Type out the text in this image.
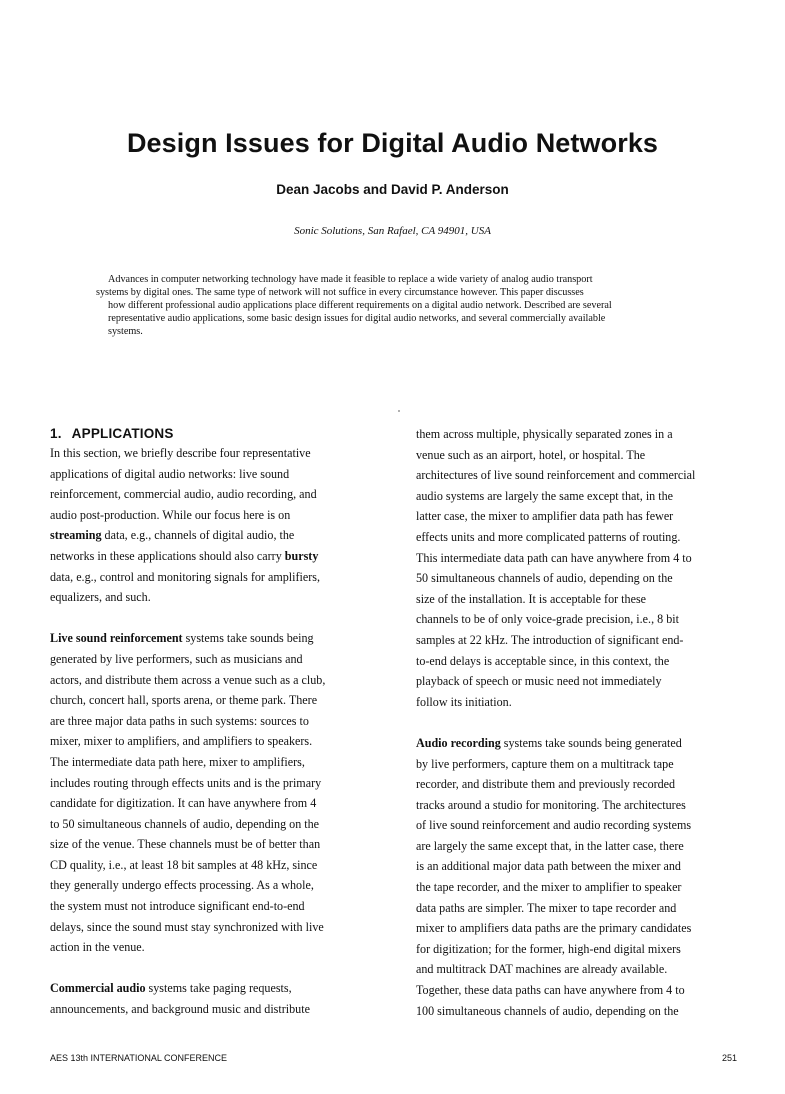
Design Issues for Digital Audio Networks
Dean Jacobs and David P. Anderson
Sonic Solutions, San Rafael, CA 94901, USA

Advances in computer networking technology have made it feasible to replace a wide variety of analog audio transport
systems by digital ones. The same type of network will not suffice in every circumstance however. This paper discusses
how different professional audio applications place different requirements on a digital audio network. Described are several
representative audio applications, some basic design issues for digital audio networks, and several commercially available
systems.

1. APPLICATIONS

In this section, we briefly describe four representative
applications of digital audio networks: live sound
reinforcement, commercial audio, audio recording, and
audio post-production. While our focus here is on
streaming data, e.g., channels of digital audio, the
networks in these applications should also carry bursty
data, e.g., control and monitoring signals for amplifiers,
equalizers, and such.

Live sound reinforcement systems take sounds being
generated by live performers, such as musicians and
actors, and distribute them across a venue such as a club,
church, concert hall, sports arena, or theme park. There
are three major data paths in such systems: sources to
mixer, mixer to amplifiers, and amplifiers to speakers.
The intermediate data path here, mixer to amplifiers,
includes routing through effects units and is the primary
candidate for digitization. It can have anywhere from 4
to 50 simultaneous channels of audio, depending on the
size of the venue. These channels must be of better than
CD quality, i.e., at least 18 bit samples at 48 kHz, since
they generally undergo effects processing. As a whole,
the system must not introduce significant end-to-end
delays, since the sound must stay synchronized with live
action in the venue.

Commercial audio systems take paging requests,
announcements, and background music and distribute

them across multiple, physically separated zones in a
venue such as an airport, hotel, or hospital. The
architectures of live sound reinforcement and commercial
audio systems are largely the same except that, in the
latter case, the mixer to amplifier data path has fewer
effects units and more complicated patterns of routing.
This intermediate data path can have anywhere from 4 to
50 simultaneous channels of audio, depending on the
size of the installation. It is acceptable for these
channels to be of only voice-grade precision, i.e., 8 bit
samples at 22 kHz. The introduction of significant end-
to-end delays is acceptable since, in this context, the
playback of speech or music need not immediately
follow its initiation.

Audio recording systems take sounds being generated
by live performers, capture them on a multitrack tape
recorder, and distribute them and previously recorded
tracks around a studio for monitoring. The architectures
of live sound reinforcement and audio recording systems
are largely the same except that, in the latter case, there
is an additional major data path between the mixer and
the tape recorder, and the mixer to amplifier to speaker
data paths are simpler. The mixer to tape recorder and
mixer to amplifiers data paths are the primary candidates
for digitization; for the former, high-end digital mixers
and multitrack DAT machines are already available.
Together, these data paths can have anywhere from 4 to
100 simultaneous channels of audio, depending on the

AES 13th INTERNATIONAL CONFERENCE	251
